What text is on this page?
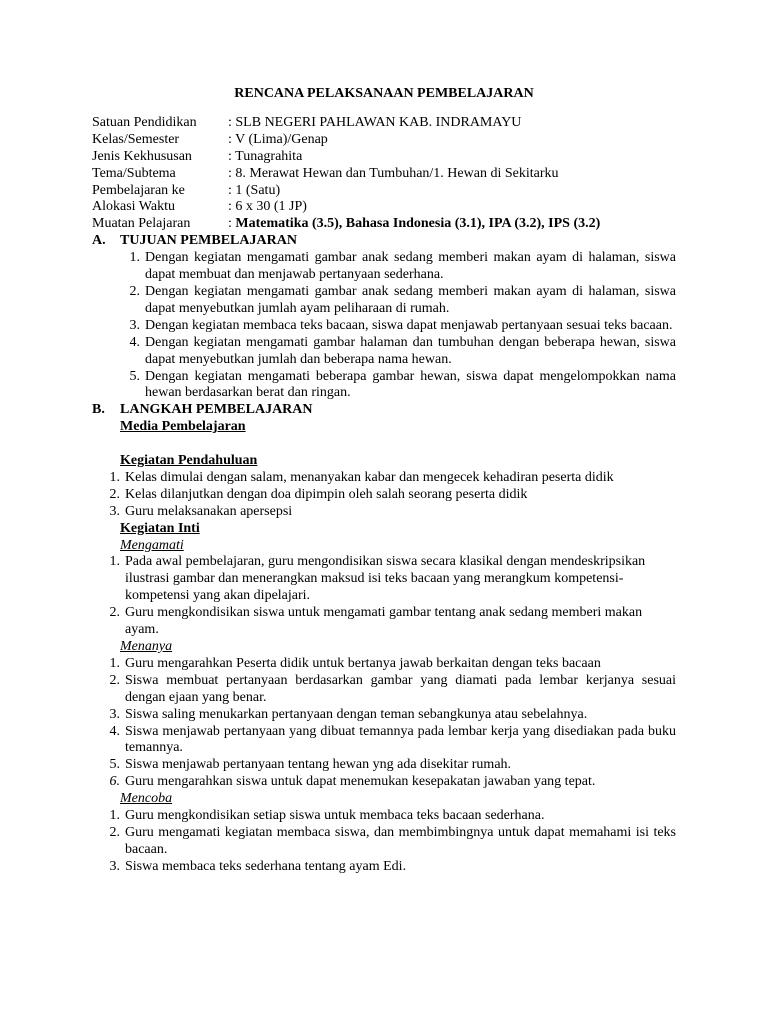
RENCANA PELAKSANAAN PEMBELAJARAN
Satuan Pendidikan	: SLB NEGERI PAHLAWAN KAB. INDRAMAYU
Kelas/Semester	: V (Lima)/Genap
Jenis Kekhususan	: Tunagrahita
Tema/Subtema	: 8. Merawat Hewan dan Tumbuhan/1. Hewan di Sekitarku
Pembelajaran ke	: 1 (Satu)
Alokasi Waktu	: 6 x 30 (1 JP)
Muatan Pelajaran	: Matematika (3.5), Bahasa Indonesia (3.1), IPA (3.2), IPS (3.2)
A.	TUJUAN PEMBELAJARAN
1. Dengan kegiatan mengamati gambar anak sedang memberi makan ayam di halaman, siswa dapat membuat dan menjawab pertanyaan sederhana.
2. Dengan kegiatan mengamati gambar anak sedang memberi makan ayam di halaman, siswa dapat menyebutkan jumlah ayam peliharaan di rumah.
3. Dengan kegiatan membaca teks bacaan, siswa dapat menjawab pertanyaan sesuai teks bacaan.
4. Dengan kegiatan mengamati gambar halaman dan tumbuhan dengan beberapa hewan, siswa dapat menyebutkan jumlah dan beberapa nama hewan.
5. Dengan kegiatan mengamati beberapa gambar hewan, siswa dapat mengelompokkan nama hewan berdasarkan berat dan ringan.
B.	LANGKAH PEMBELAJARAN
Media Pembelajaran
Kegiatan Pendahuluan
1. Kelas dimulai dengan salam, menanyakan kabar dan mengecek kehadiran peserta didik
2. Kelas dilanjutkan dengan doa dipimpin oleh salah seorang peserta didik
3. Guru melaksanakan apersepsi
Kegiatan Inti
Mengamati
1. Pada awal pembelajaran, guru mengondisikan siswa secara klasikal dengan mendeskripsikan ilustrasi gambar dan menerangkan maksud isi teks bacaan yang merangkum kompetensi-kompetensi yang akan dipelajari.
2. Guru mengkondisikan siswa untuk mengamati gambar tentang anak sedang memberi makan ayam.
Menanya
1. Guru mengarahkan Peserta didik untuk bertanya jawab berkaitan dengan teks bacaan
2. Siswa membuat pertanyaan berdasarkan gambar yang diamati pada lembar kerjanya sesuai dengan ejaan yang benar.
3. Siswa saling menukarkan pertanyaan dengan teman sebangkunya atau sebelahnya.
4. Siswa menjawab pertanyaan yang dibuat temannya pada lembar kerja yang disediakan pada buku temannya.
5. Siswa menjawab pertanyaan tentang hewan yng ada disekitar rumah.
6. Guru mengarahkan siswa untuk dapat menemukan kesepakatan jawaban yang tepat.
Mencoba
1. Guru mengkondisikan setiap siswa untuk membaca teks bacaan sederhana.
2. Guru mengamati kegiatan membaca siswa, dan membimbingnya untuk dapat memahami isi teks bacaan.
3. Siswa membaca teks sederhana tentang ayam Edi.
